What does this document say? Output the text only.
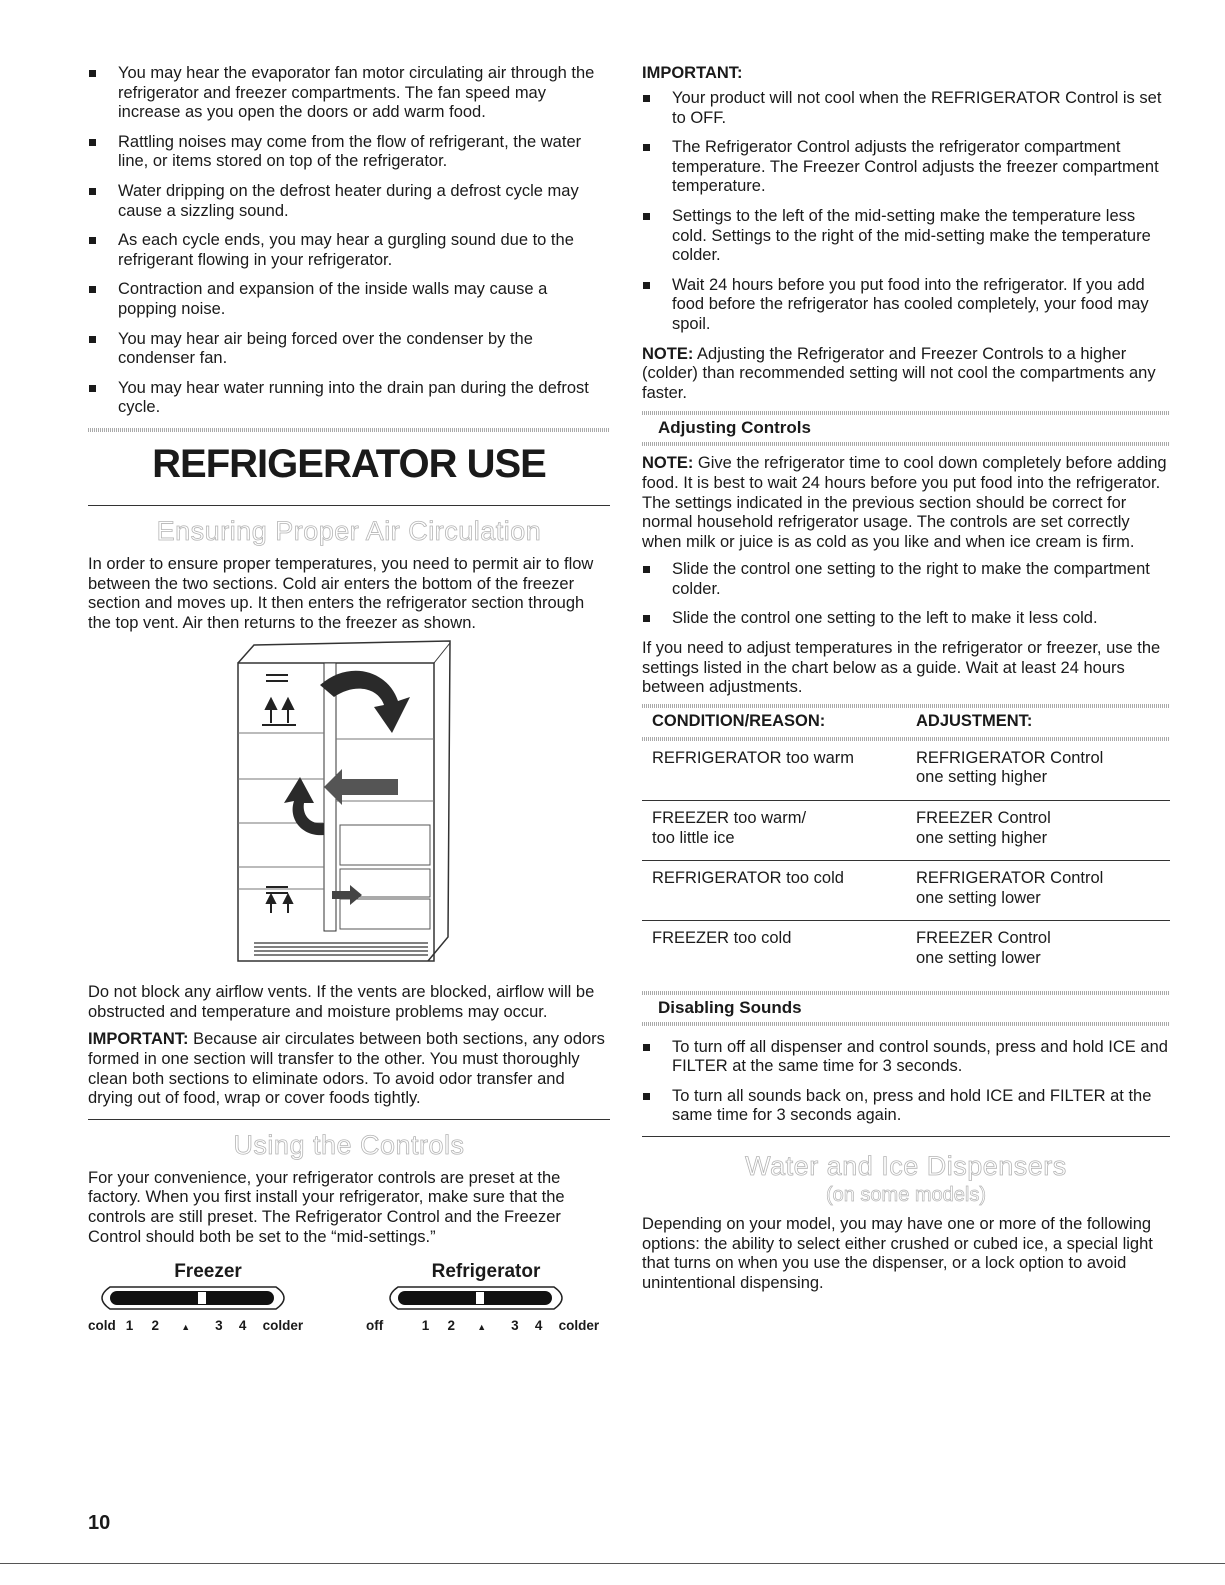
You may hear the evaporator fan motor circulating air through the refrigerator and freezer compartments. The fan speed may increase as you open the doors or add warm food.
Rattling noises may come from the flow of refrigerant, the water line, or items stored on top of the refrigerator.
Water dripping on the defrost heater during a defrost cycle may cause a sizzling sound.
As each cycle ends, you may hear a gurgling sound due to the refrigerant flowing in your refrigerator.
Contraction and expansion of the inside walls may cause a popping noise.
You may hear air being forced over the condenser by the condenser fan.
You may hear water running into the drain pan during the defrost cycle.
REFRIGERATOR USE
Ensuring Proper Air Circulation

In order to ensure proper temperatures, you need to permit air to flow between the two sections. Cold air enters the bottom of the freezer section and moves up. It then enters the refrigerator section through the top vent. Air then returns to the freezer as shown.

Do not block any airflow vents. If the vents are blocked, airflow will be obstructed and temperature and moisture problems may occur.

IMPORTANT: Because air circulates between both sections, any odors formed in one section will transfer to the other. You must thoroughly clean both sections to eliminate odors. To avoid odor transfer and drying out of food, wrap or cover foods tightly.

Using the Controls

For your convenience, your refrigerator controls are preset at the factory. When you first install your refrigerator, make sure that the controls are still preset. The Refrigerator Control and the Freezer Control should both be set to the “mid-settings.”

Freezer
cold 1 2 ▲ 3 4 colder
Refrigerator
off	1 2 ▲ 3 4 colder
IMPORTANT:
Your product will not cool when the REFRIGERATOR Control is set to OFF.
The Refrigerator Control adjusts the refrigerator compartment temperature. The Freezer Control adjusts the freezer compartment temperature.
Settings to the left of the mid-setting make the temperature less cold. Settings to the right of the mid-setting make the temperature colder.
Wait 24 hours before you put food into the refrigerator. If you add food before the refrigerator has cooled completely, your food may spoil.

NOTE: Adjusting the Refrigerator and Freezer Controls to a higher (colder) than recommended setting will not cool the compartments any faster.

Adjusting Controls

NOTE: Give the refrigerator time to cool down completely before adding food. It is best to wait 24 hours before you put food into the refrigerator. The settings indicated in the previous section should be correct for normal household refrigerator usage. The controls are set correctly when milk or juice is as cold as you like and when ice cream is firm.

Slide the control one setting to the right to make the compartment colder.
Slide the control one setting to the left to make it less cold.

If you need to adjust temperatures in the refrigerator or freezer, use the settings listed in the chart below as a guide. Wait at least 24 hours between adjustments.

CONDITION/REASON:	ADJUSTMENT:

REFRIGERATOR too warm	REFRIGERATOR Control
one setting higher
FREEZER too warm/
too little ice	FREEZER Control
one setting higher
REFRIGERATOR too cold	REFRIGERATOR Control
one setting lower
FREEZER too cold	FREEZER Control
one setting lower
Disabling Sounds
To turn off all dispenser and control sounds, press and hold ICE and FILTER at the same time for 3 seconds.
To turn all sounds back on, press and hold ICE and FILTER at the same time for 3 seconds again.
Water and Ice Dispensers
(on some models)

Depending on your model, you may have one or more of the following options: the ability to select either crushed or cubed ice, a special light that turns on when you use the dispenser, or a lock option to avoid unintentional dispensing.

10
